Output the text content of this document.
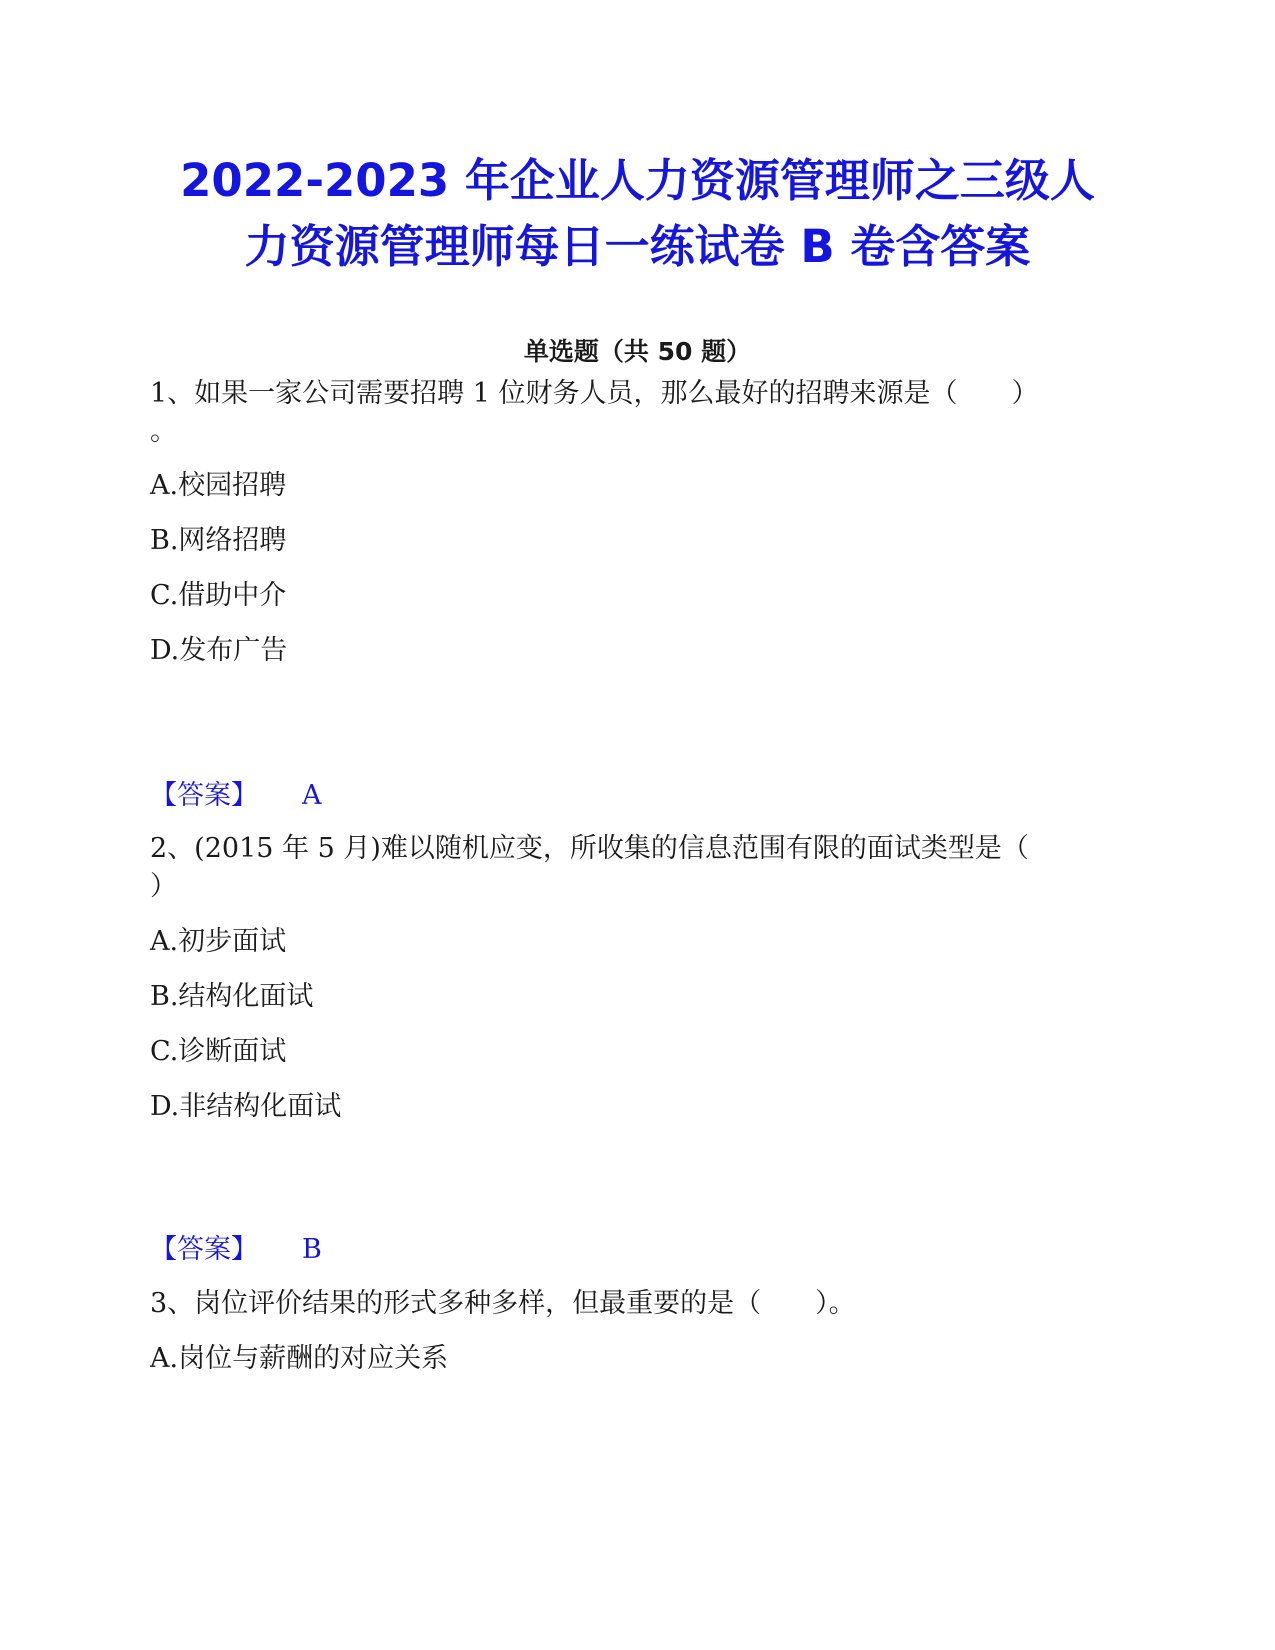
2022-2023 年企业人力资源管理师之三级人
力资源管理师每日一练试卷 B 卷含答案
单选题（共 50 题）
1、如果一家公司需要招聘 1 位财务人员，那么最好的招聘来源是（　　）
。
A.校园招聘
B.网络招聘
C.借助中介
D.发布广告
【答案】 A
2、(2015 年 5 月)难以随机应变，所收集的信息范围有限的面试类型是（
）
A.初步面试
B.结构化面试
C.诊断面试
D.非结构化面试
【答案】 B
3、岗位评价结果的形式多种多样，但最重要的是（　　）。
A.岗位与薪酬的对应关系
